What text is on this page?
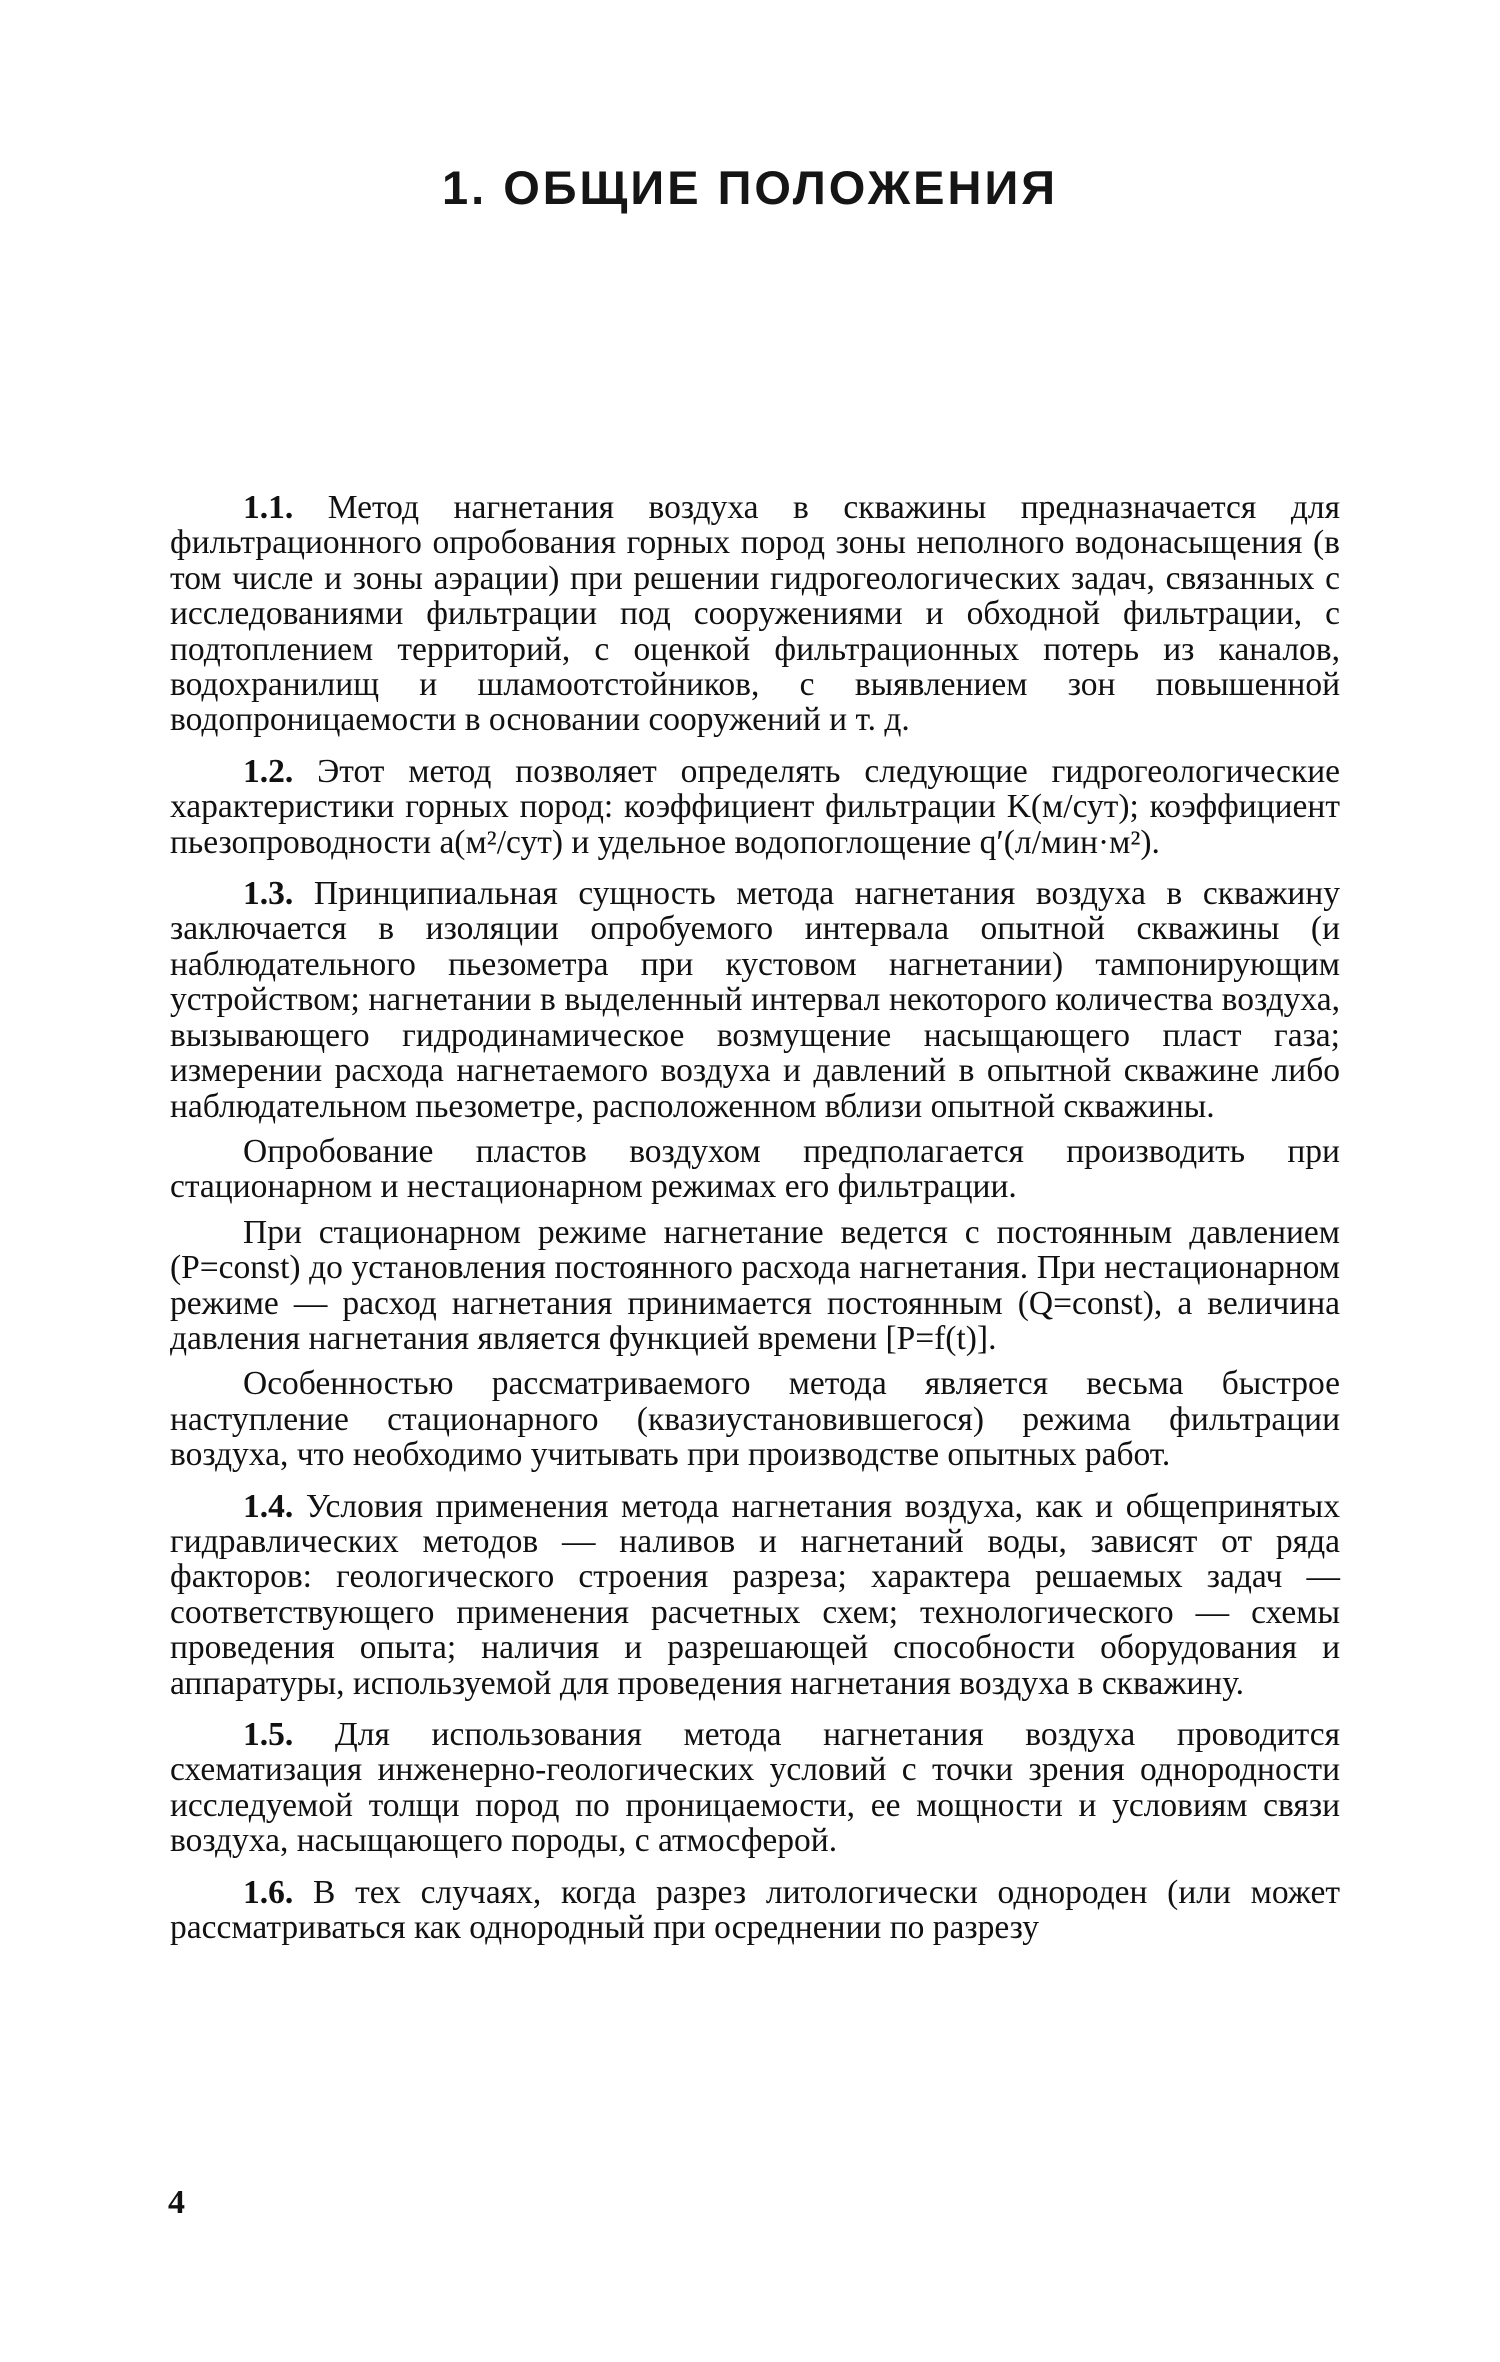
1. ОБЩИЕ ПОЛОЖЕНИЯ

1.1. Метод нагнетания воздуха в скважины предназначается для фильтрационного опробования горных пород зоны неполного водонасыщения (в том числе и зоны аэрации) при решении гидрогеологических задач, связанных с исследованиями фильтрации под сооружениями и обходной фильтрации, с подтоплением территорий, с оценкой фильтрационных потерь из каналов, водохранилищ и шламоотстойников, с выявлением зон повышенной водопроницаемости в основании сооружений и т. д.

1.2. Этот метод позволяет определять следующие гидрогеологические характеристики горных пород: коэффициент фильтрации K(м/сут); коэффициент пьезопроводности a(м²/сут) и удельное водопоглощение q′(л/мин·м²).

1.3. Принципиальная сущность метода нагнетания воздуха в скважину заключается в изоляции опробуемого интервала опытной скважины (и наблюдательного пьезометра при кустовом нагнетании) тампонирующим устройством; нагнетании в выделенный интервал некоторого количества воздуха, вызывающего гидродинамическое возмущение насыщающего пласт газа; измерении расхода нагнетаемого воздуха и давлений в опытной скважине либо наблюдательном пьезометре, расположенном вблизи опытной скважины.

Опробование пластов воздухом предполагается производить при стационарном и нестационарном режимах его фильтрации.

При стационарном режиме нагнетание ведется с постоянным давлением (P=const) до установления постоянного расхода нагнетания. При нестационарном режиме — расход нагнетания принимается постоянным (Q=const), а величина давления нагнетания является функцией времени [P=f(t)].

Особенностью рассматриваемого метода является весьма быстрое наступление стационарного (квазиустановившегося) режима фильтрации воздуха, что необходимо учитывать при производстве опытных работ.

1.4. Условия применения метода нагнетания воздуха, как и общепринятых гидравлических методов — наливов и нагнетаний воды, зависят от ряда факторов: геологического строения разреза; характера решаемых задач — соответствующего применения расчетных схем; технологического — схемы проведения опыта; наличия и разрешающей способности оборудования и аппаратуры, используемой для проведения нагнетания воздуха в скважину.

1.5. Для использования метода нагнетания воздуха проводится схематизация инженерно-геологических условий с точки зрения однородности исследуемой толщи пород по проницаемости, ее мощности и условиям связи воздуха, насыщающего породы, с атмосферой.

1.6. В тех случаях, когда разрез литологически однороден (или может рассматриваться как однородный при осреднении по разрезу

4
